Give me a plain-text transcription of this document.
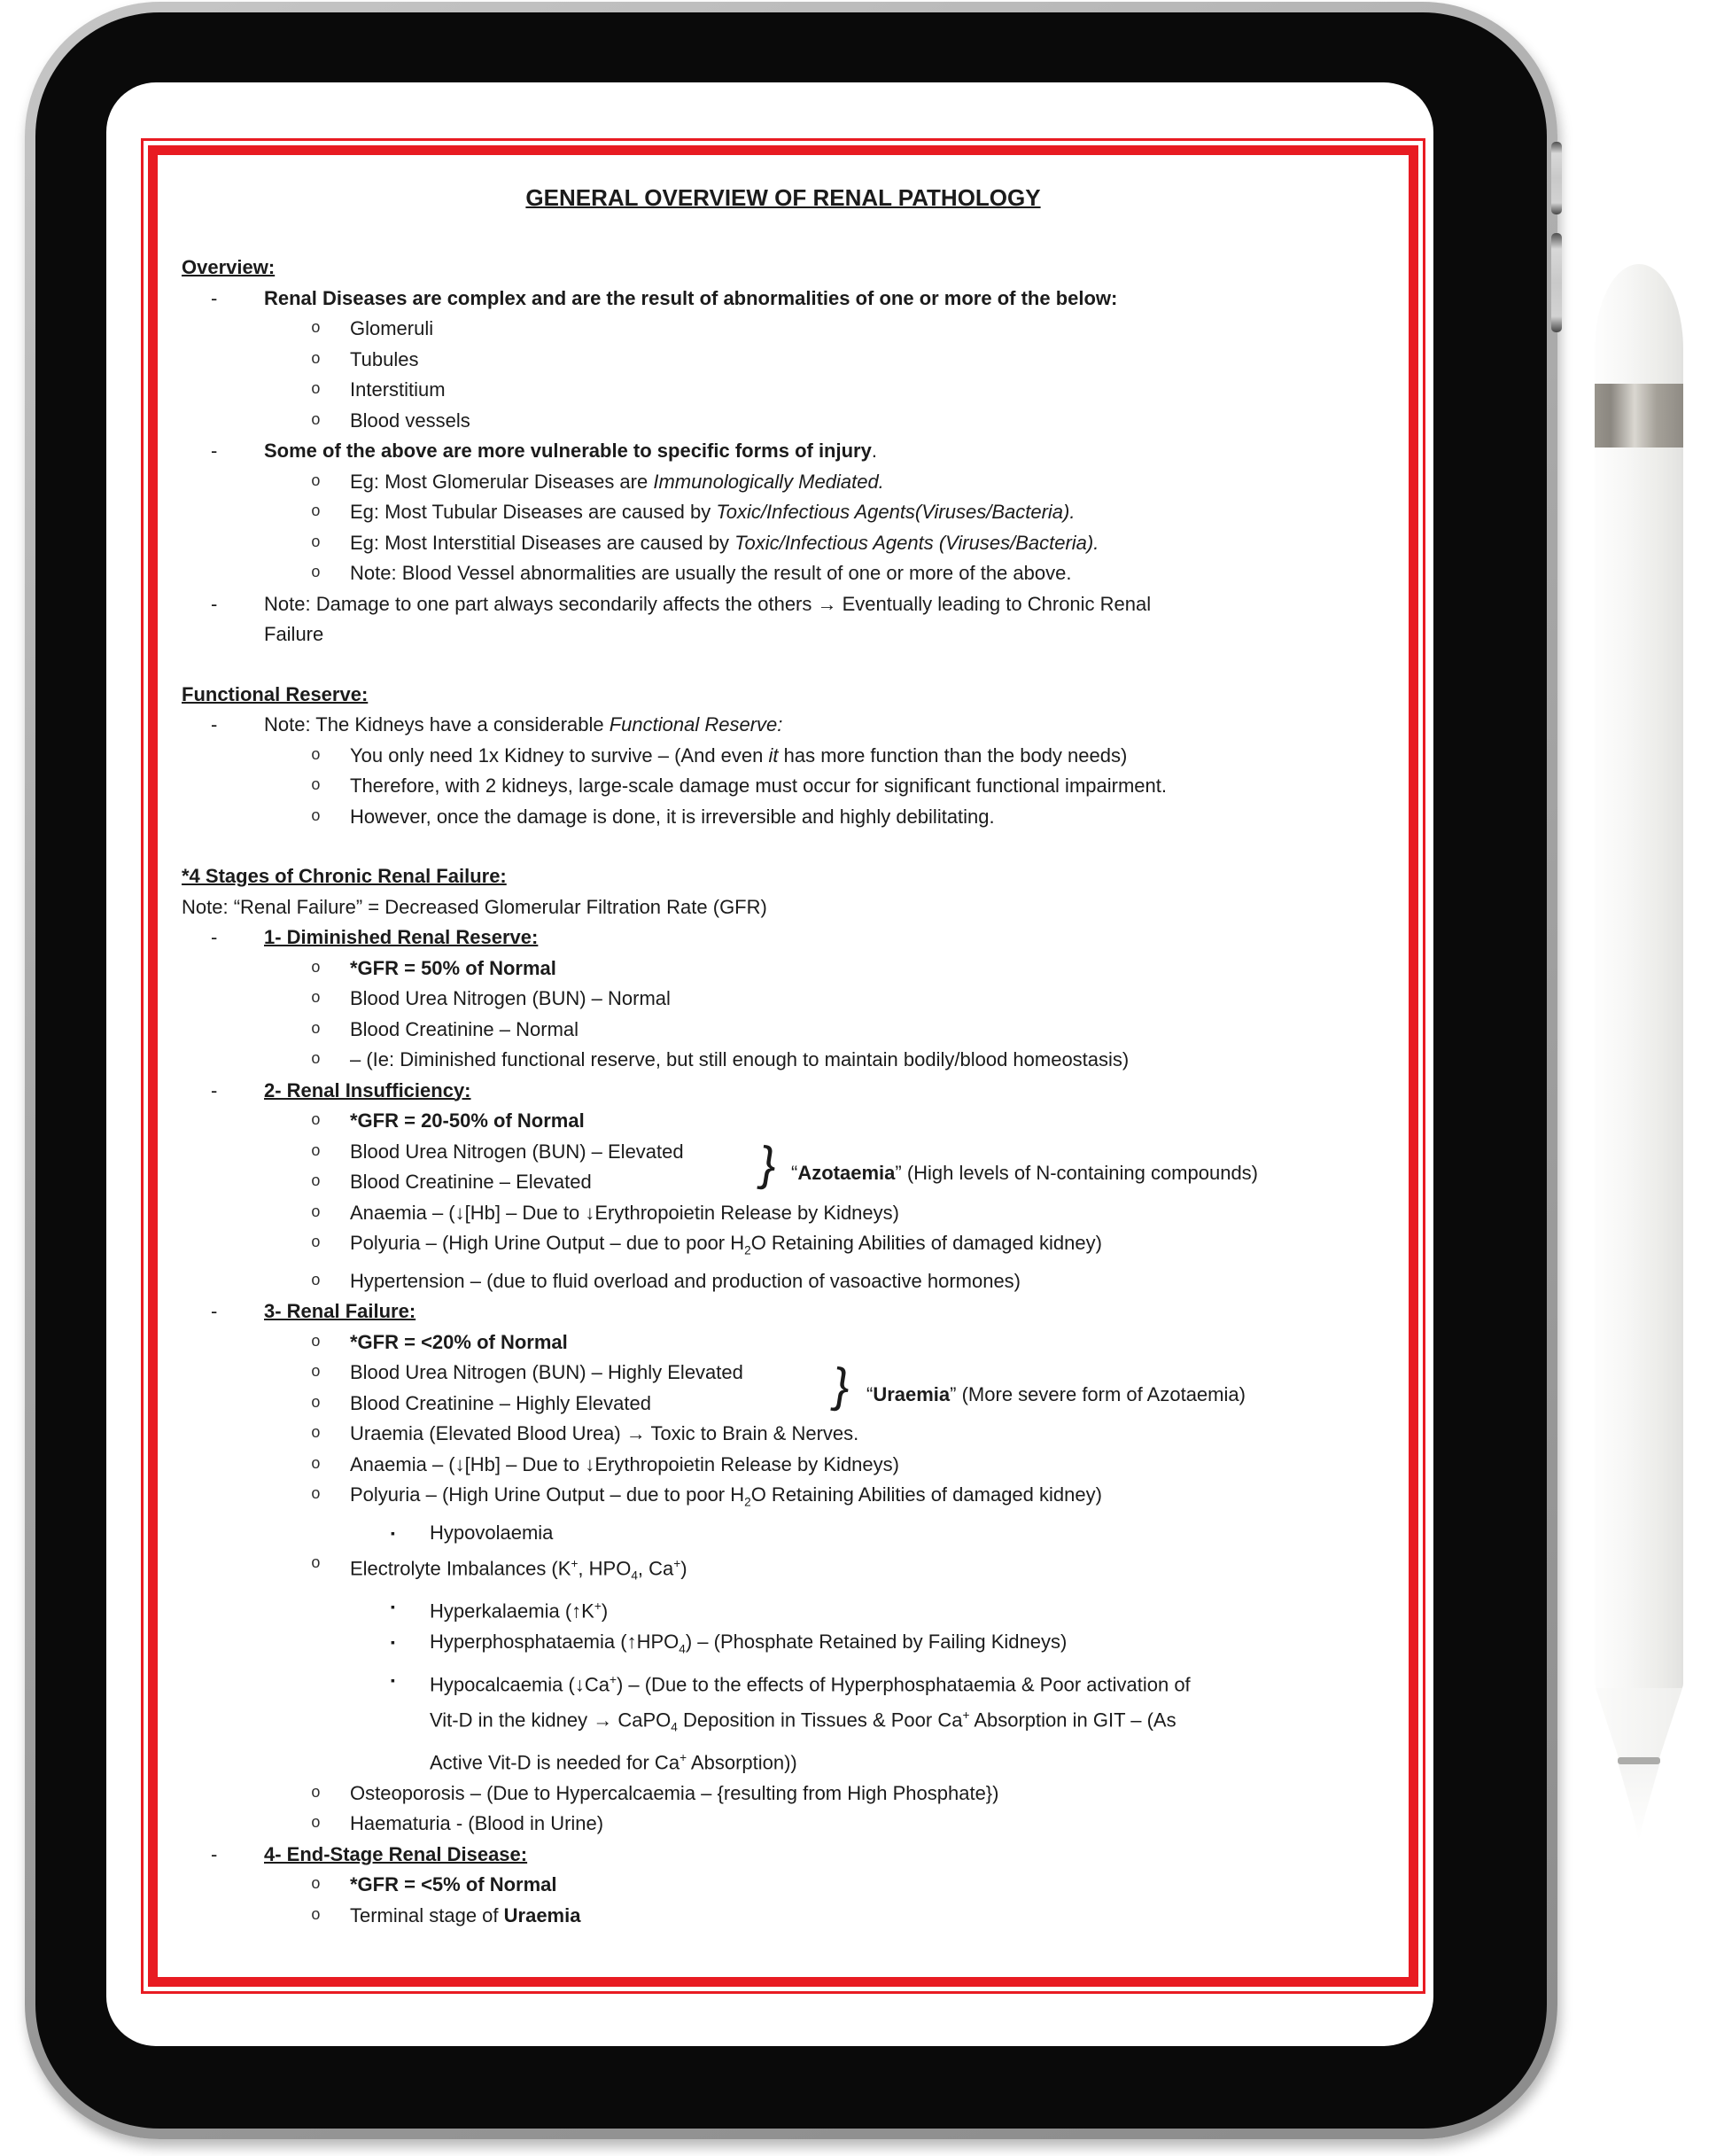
GENERAL OVERVIEW OF RENAL PATHOLOGY
Overview:
- Renal Diseases are complex and are the result of abnormalities of one or more of the below:
o Glomeruli
o Tubules
o Interstitium
o Blood vessels
- Some of the above are more vulnerable to specific forms of injury.
o Eg: Most Glomerular Diseases are Immunologically Mediated.
o Eg: Most Tubular Diseases are caused by Toxic/Infectious Agents(Viruses/Bacteria).
o Eg: Most Interstitial Diseases are caused by Toxic/Infectious Agents (Viruses/Bacteria).
o Note: Blood Vessel abnormalities are usually the result of one or more of the above.
- Note: Damage to one part always secondarily affects the others → Eventually leading to Chronic Renal
Failure
Functional Reserve:
- Note: The Kidneys have a considerable Functional Reserve:
o You only need 1x Kidney to survive – (And even it has more function than the body needs)
o Therefore, with 2 kidneys, large-scale damage must occur for significant functional impairment.
o However, once the damage is done, it is irreversible and highly debilitating.
*4 Stages of Chronic Renal Failure:
Note: “Renal Failure” = Decreased Glomerular Filtration Rate (GFR)
- 1- Diminished Renal Reserve:
o *GFR = 50% of Normal
o Blood Urea Nitrogen (BUN) – Normal
o Blood Creatinine – Normal
o – (Ie: Diminished functional reserve, but still enough to maintain bodily/blood homeostasis)
- 2- Renal Insufficiency:
o *GFR = 20-50% of Normal
o Blood Urea Nitrogen (BUN) – Elevated
o Blood Creatinine – Elevated	} “Azotaemia” (High levels of N-containing compounds)
o Anaemia – (↓[Hb] – Due to ↓Erythropoietin Release by Kidneys)
o Polyuria – (High Urine Output – due to poor $H_2O$ Retaining Abilities of damaged kidney)
o Hypertension – (due to fluid overload and production of vasoactive hormones)
- 3- Renal Failure:
o *GFR = <20% of Normal
o Blood Urea Nitrogen (BUN) – Highly Elevated
o Blood Creatinine – Highly Elevated	} “Uraemia” (More severe form of Azotaemia)
o Uraemia (Elevated Blood Urea) → Toxic to Brain & Nerves.
o Anaemia – (↓[Hb] – Due to ↓Erythropoietin Release by Kidneys)
o Polyuria – (High Urine Output – due to poor $H_2O$ Retaining Abilities of damaged kidney)
▪ Hypovolaemia
o Electrolyte Imbalances (K+, $HPO_4$, Ca+)
▪ Hyperkalaemia (↑K+)
▪ Hyperphosphataemia $(↑HPO_4)$ – (Phosphate Retained by Failing Kidneys)
▪ Hypocalcaemia (↓Ca+) – (Due to the effects of Hyperphosphataemia & Poor activation of
Vit-D in the kidney → CaPO$_4$ Deposition in Tissues & Poor Ca+ Absorption in GIT – (As
Active Vit-D is needed for Ca+ Absorption))
o Osteoporosis – (Due to Hypercalcaemia – {resulting from High Phosphate})
o Haematuria - (Blood in Urine)
- 4- End-Stage Renal Disease:
o *GFR = <5% of Normal
o Terminal stage of Uraemia
